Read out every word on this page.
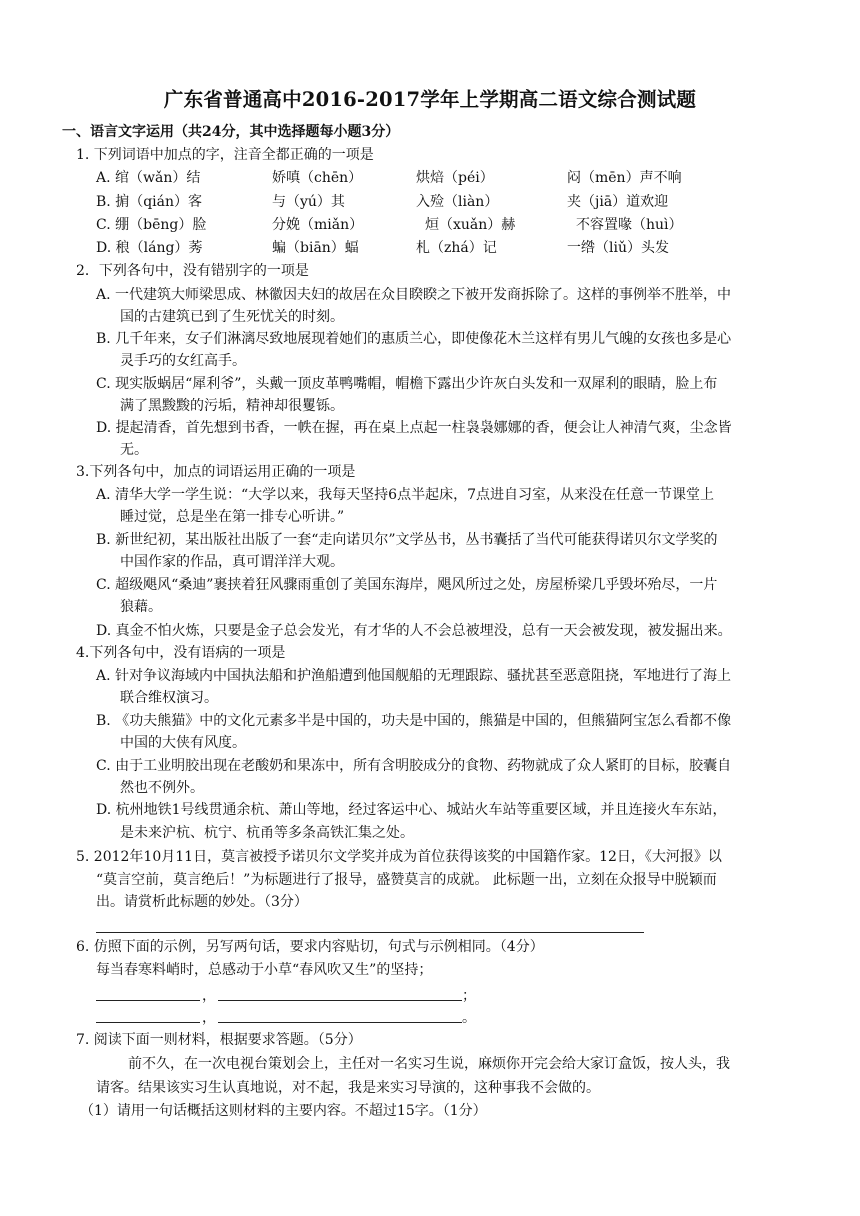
广东省普通高中2016-2017学年上学期高二语文综合测试题
一、语言文字运用（共24分，其中选择题每小题3分）
1. 下列词语中加点的字，注音全都正确的一项是
A. 绾（wǎn）结	娇嗔（chēn）	烘焙（péi）	闷（mēn）声不响
B. 掮（qián）客	与（yú）其	入殓（liàn）	夹（jiā）道欢迎
C. 绷（bēng）脸	分娩（miǎn）	烜（xuǎn）赫	不容置喙（huì）
D. 稂（láng）莠	蝙（biān）蝠	札（zhá）记	一绺（liǔ）头发
2．下列各句中，没有错别字的一项是
A. 一代建筑大师梁思成、林徽因夫妇的故居在众目睽睽之下被开发商拆除了。这样的事例举不胜举，中
国的古建筑已到了生死忧关的时刻。
B. 几千年来，女子们淋漓尽致地展现着她们的惠质兰心，即使像花木兰这样有男儿气魄的女孩也多是心
灵手巧的女红高手。
C. 现实版蜗居“犀利爷”，头戴一顶皮革鸭嘴帽，帽檐下露出少许灰白头发和一双犀利的眼睛，脸上布
满了黑黢黢的污垢，精神却很矍铄。
D. 提起清香，首先想到书香，一帙在握，再在桌上点起一柱袅袅娜娜的香，便会让人神清气爽，尘念皆
无。
3.下列各句中，加点的词语运用正确的一项是
A. 清华大学一学生说：“大学以来，我每天坚持6点半起床，7点进自习室，从来没在任意一节课堂上
睡过觉，总是坐在第一排专心听讲。”
B. 新世纪初，某出版社出版了一套“走向诺贝尔”文学丛书，丛书囊括了当代可能获得诺贝尔文学奖的
中国作家的作品，真可谓洋洋大观。
C. 超级飓风“桑迪”裹挟着狂风骤雨重创了美国东海岸，飓风所过之处，房屋桥梁几乎毁坏殆尽，一片
狼藉。
D. 真金不怕火炼，只要是金子总会发光，有才华的人不会总被埋没，总有一天会被发现，被发掘出来。
4.下列各句中，没有语病的一项是
A. 针对争议海域内中国执法船和护渔船遭到他国舰船的无理跟踪、骚扰甚至恶意阻挠，军地进行了海上
联合维权演习。
B. 《功夫熊猫》中的文化元素多半是中国的，功夫是中国的，熊猫是中国的，但熊猫阿宝怎么看都不像
中国的大侠有风度。
C. 由于工业明胶出现在老酸奶和果冻中，所有含明胶成分的食物、药物就成了众人紧盯的目标，胶囊自
然也不例外。
D. 杭州地铁1号线贯通余杭、萧山等地，经过客运中心、城站火车站等重要区域，并且连接火车东站，
是未来沪杭、杭宁、杭甬等多条高铁汇集之处。
5. 2012年10月11日，莫言被授予诺贝尔文学奖并成为首位获得该奖的中国籍作家。12日，《大河报》以
“莫言空前，莫言绝后！”为标题进行了报导，盛赞莫言的成就。 此标题一出，立刻在众报导中脱颖而
出。请赏析此标题的妙处。（3分）
6. 仿照下面的示例，另写两句话，要求内容贴切，句式与示例相同。（4分）
每当春寒料峭时，总感动于小草“春风吹又生”的坚持；
，	；
，	。
7. 阅读下面一则材料，根据要求答题。（5分）
前不久，在一次电视台策划会上，主任对一名实习生说，麻烦你开完会给大家订盒饭，按人头，我
请客。结果该实习生认真地说，对不起，我是来实习导演的，这种事我不会做的。
（1）请用一句话概括这则材料的主要内容。不超过15字。（1分）
